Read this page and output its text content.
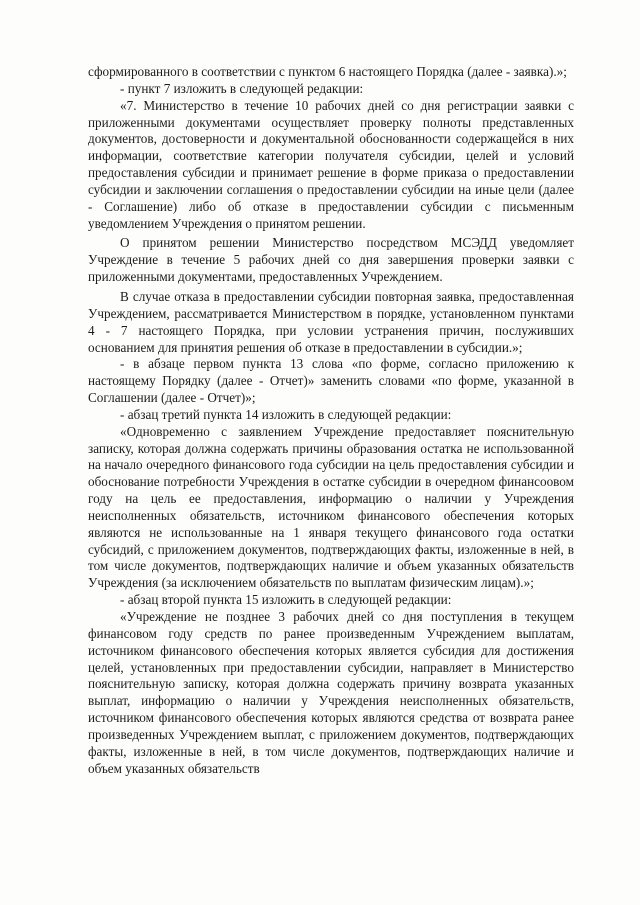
сформированного в соответствии с пунктом 6 настоящего Порядка (далее - заявка).»;

- пункт 7 изложить в следующей редакции:

«7. Министерство в течение 10 рабочих дней со дня регистрации заявки с приложенными документами осуществляет проверку полноты представленных документов, достоверности и документальной обоснованности содержащейся в них информации, соответствие категории получателя субсидии, целей и условий предоставления субсидии и принимает решение в форме приказа о предоставлении субсидии и заключении соглашения о предоставлении субсидии на иные цели (далее - Соглашение) либо об отказе в предоставлении субсидии с письменным уведомлением Учреждения о принятом решении.

О принятом решении Министерство посредством МСЭДД уведомляет Учреждение в течение 5 рабочих дней со дня завершения проверки заявки с приложенными документами, предоставленных Учреждением.

В случае отказа в предоставлении субсидии повторная заявка, предоставленная Учреждением, рассматривается Министерством в порядке, установленном пунктами 4 - 7 настоящего Порядка, при условии устранения причин, послуживших основанием для принятия решения об отказе в предоставлении в субсидии.»;

- в абзаце первом пункта 13 слова «по форме, согласно приложению к настоящему Порядку (далее - Отчет)» заменить словами «по форме, указанной в Соглашении (далее - Отчет)»;

- абзац третий пункта 14 изложить в следующей редакции:

«Одновременно с заявлением Учреждение предоставляет пояснительную записку, которая должна содержать причины образования остатка не использованной на начало очередного финансового года субсидии на цель предоставления субсидии и обоснование потребности Учреждения в остатке субсидии в очередном финансоовом году на цель ее предоставления, информацию о наличии у Учреждения неисполненных обязательств, источником финансового обеспечения которых являются не использованные на 1 января текущего финансового года остатки субсидий, с приложением документов, подтверждающих факты, изложенные в ней, в том числе документов, подтверждающих наличие и объем указанных обязательств Учреждения (за исключением обязательств по выплатам физическим лицам).»;

- абзац второй пункта 15 изложить в следующей редакции:

«Учреждение не позднее 3 рабочих дней со дня поступления в текущем финансовом году средств по ранее произведенным Учреждением выплатам, источником финансового обеспечения которых является субсидия для достижения целей, установленных при предоставлении субсидии, направляет в Министерство пояснительную записку, которая должна содержать причину возврата указанных выплат, информацию о наличии у Учреждения неисполненных обязательств, источником финансового обеспечения которых являются средства от возврата ранее произведенных Учреждением выплат, с приложением документов, подтверждающих факты, изложенные в ней, в том числе документов, подтверждающих наличие и объем указанных обязательств
